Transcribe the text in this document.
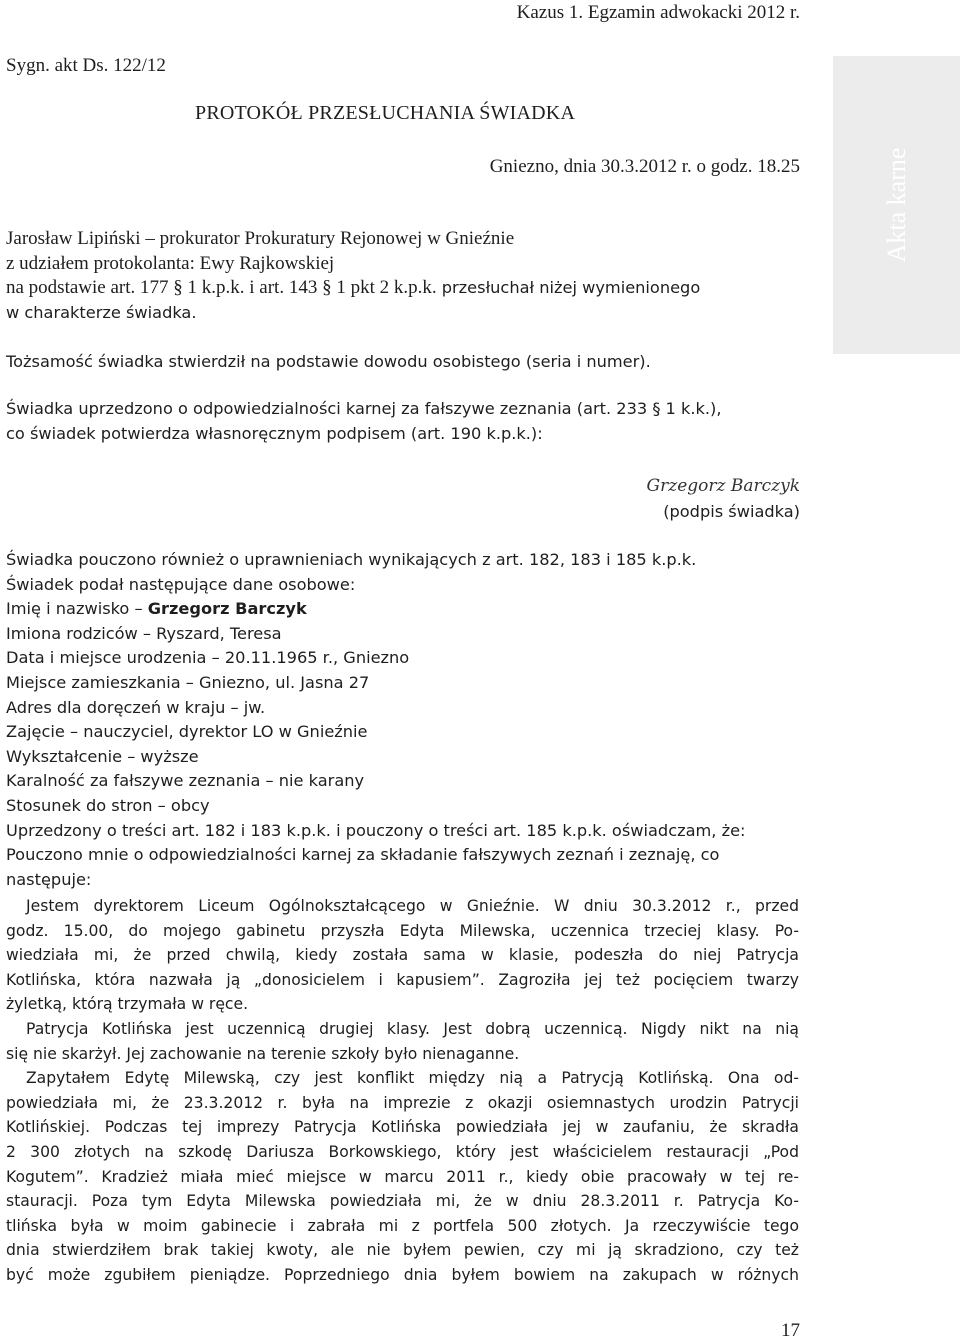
Kazus 1. Egzamin adwokacki 2012 r.
Sygn. akt Ds. 122/12
PROTOKÓŁ PRZESŁUCHANIA ŚWIADKA
Gniezno, dnia 30.3.2012 r. o godz. 18.25
Jarosław Lipiński – prokurator Prokuratury Rejonowej w Gnieźnie
z udziałem protokolanta: Ewy Rajkowskiej
na podstawie art. 177 § 1 k.p.k. i art. 143 § 1 pkt 2 k.p.k. przesłuchał niżej wymienionego
w charakterze świadka.
Tożsamość świadka stwierdził na podstawie dowodu osobistego (seria i numer).
Świadka uprzedzono o odpowiedzialności karnej za fałszywe zeznania (art. 233 § 1 k.k.),
co świadek potwierdza własnoręcznym podpisem (art. 190 k.p.k.):
Grzegorz Barczyk
(podpis świadka)
Świadka pouczono również o uprawnieniach wynikających z art. 182, 183 i 185 k.p.k.
Świadek podał następujące dane osobowe:
Imię i nazwisko – Grzegorz Barczyk
Imiona rodziców – Ryszard, Teresa
Data i miejsce urodzenia – 20.11.1965 r., Gniezno
Miejsce zamieszkania – Gniezno, ul. Jasna 27
Adres dla doręczeń w kraju – jw.
Zajęcie – nauczyciel, dyrektor LO w Gnieźnie
Wykształcenie – wyższe
Karalność za fałszywe zeznania – nie karany
Stosunek do stron – obcy
Uprzedzony o treści art. 182 i 183 k.p.k. i pouczony o treści art. 185 k.p.k. oświadczam, że:
Pouczono mnie o odpowiedzialności karnej za składanie fałszywych zeznań i zeznaję, co
następuje:
Jestem dyrektorem Liceum Ogólnokształcącego w Gnieźnie. W dniu 30.3.2012 r., przed
godz. 15.00, do mojego gabinetu przyszła Edyta Milewska, uczennica trzeciej klasy. Po-
wiedziała mi, że przed chwilą, kiedy została sama w klasie, podeszła do niej Patrycja
Kotlińska, która nazwała ją „donosicielem i kapusiem”. Zagroziła jej też pocięciem twarzy
żyletką, którą trzymała w ręce.
Patrycja Kotlińska jest uczennicą drugiej klasy. Jest dobrą uczennicą. Nigdy nikt na nią
się nie skarżył. Jej zachowanie na terenie szkoły było nienaganne.
Zapytałem Edytę Milewską, czy jest konflikt między nią a Patrycją Kotlińską. Ona od-
powiedziała mi, że 23.3.2012 r. była na imprezie z okazji osiemnastych urodzin Patrycji
Kotlińskiej. Podczas tej imprezy Patrycja Kotlińska powiedziała jej w zaufaniu, że skradła
2 300 złotych na szkodę Dariusza Borkowskiego, który jest właścicielem restauracji „Pod
Kogutem”. Kradzież miała mieć miejsce w marcu 2011 r., kiedy obie pracowały w tej re-
stauracji. Poza tym Edyta Milewska powiedziała mi, że w dniu 28.3.2011 r. Patrycja Ko-
tlińska była w moim gabinecie i zabrała mi z portfela 500 złotych. Ja rzeczywiście tego
dnia stwierdziłem brak takiej kwoty, ale nie byłem pewien, czy mi ją skradziono, czy też
być może zgubiłem pieniądze. Poprzedniego dnia byłem bowiem na zakupach w różnych
Akta karne
17
